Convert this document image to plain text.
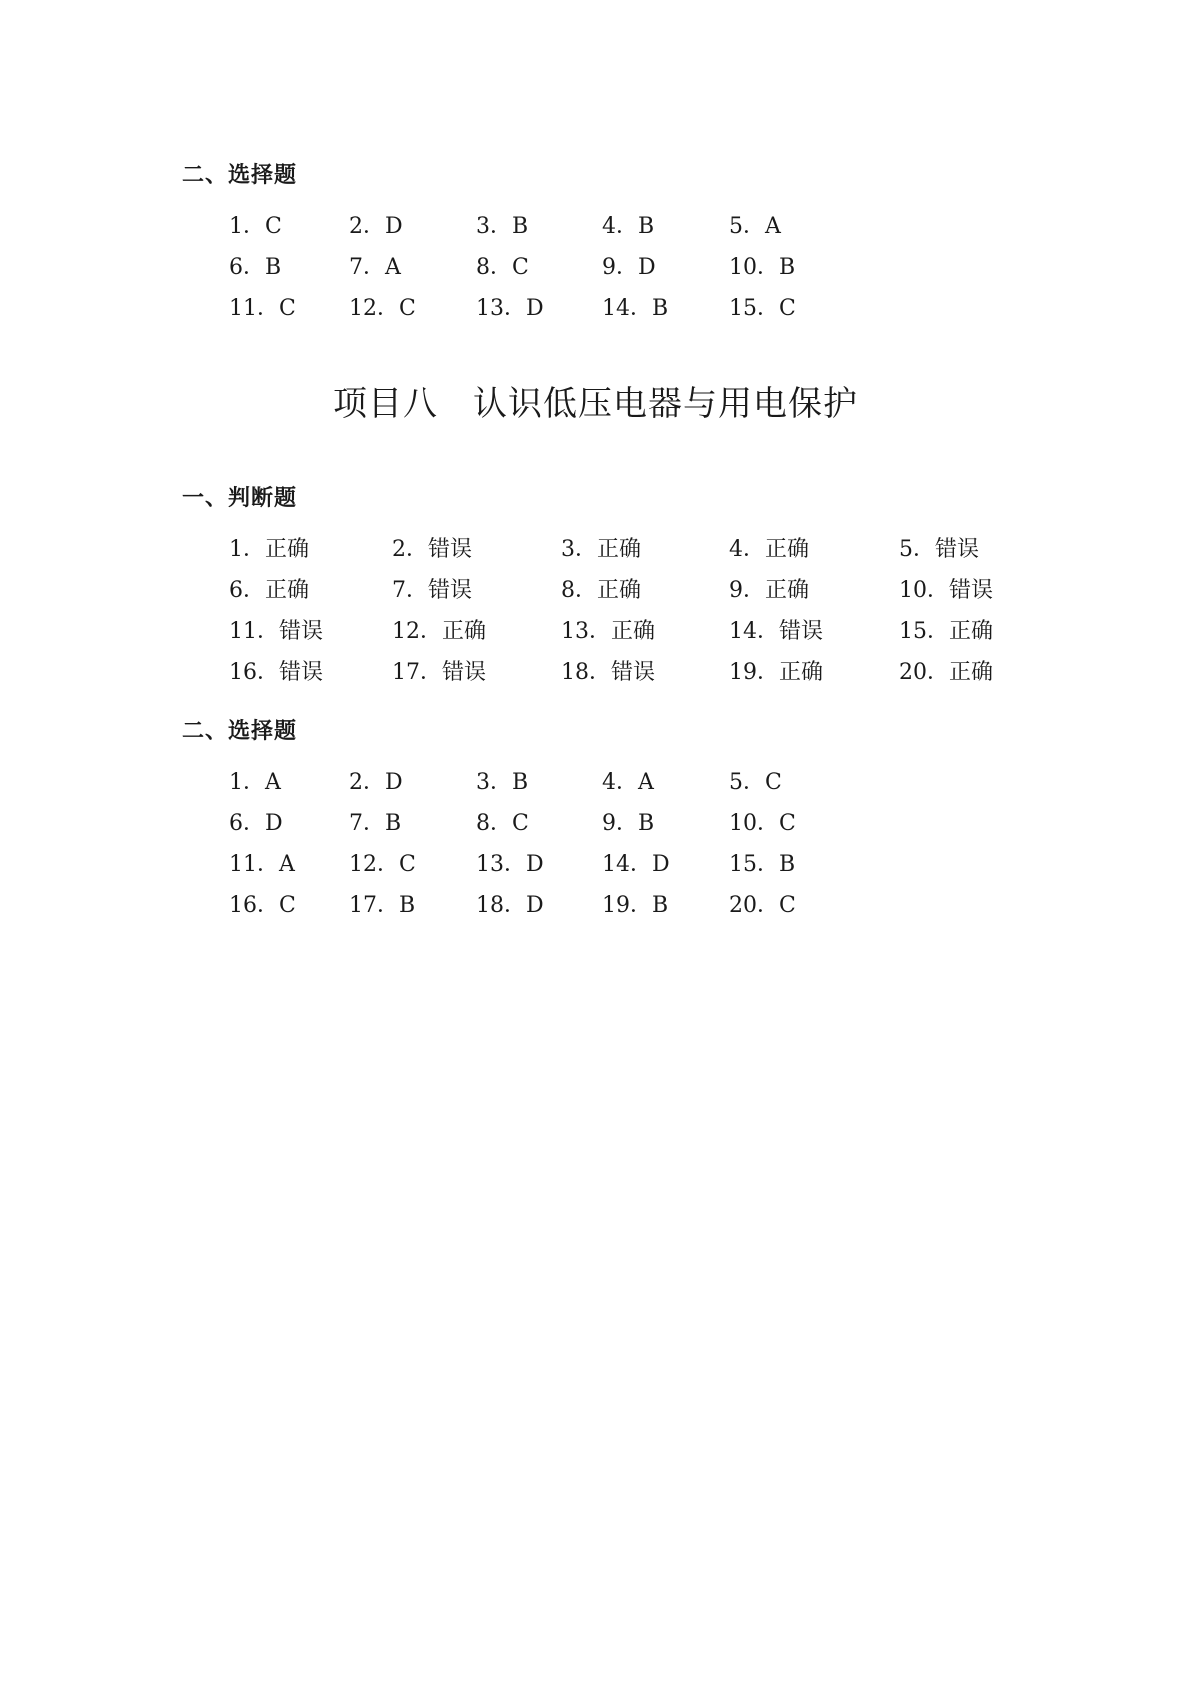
二、选择题
1．C	2．D	3．B	4．B	5．A
6．B	7．A	8．C	9．D	10．B
11．C 12．C	13．D	14．B	15．C
项目八　认识低压电器与用电保护
一、判断题
1．正确	2．错误	3．正确	4．正确	5．错误
6．正确	7．错误	8．正确	9．正确	10．错误
11．错误	12．正确	13．正确	14．错误	15．正确
16．错误	17．错误	18．错误	19．正确	20．正确
二、选择题
1．A	2．D	3．B	4．A	5．C
6．D	7．B	8．C	9．B	10．C
11．A 12．C	13．D	14．D	15．B
16．C 17．B	18．D	19．B	20．C
